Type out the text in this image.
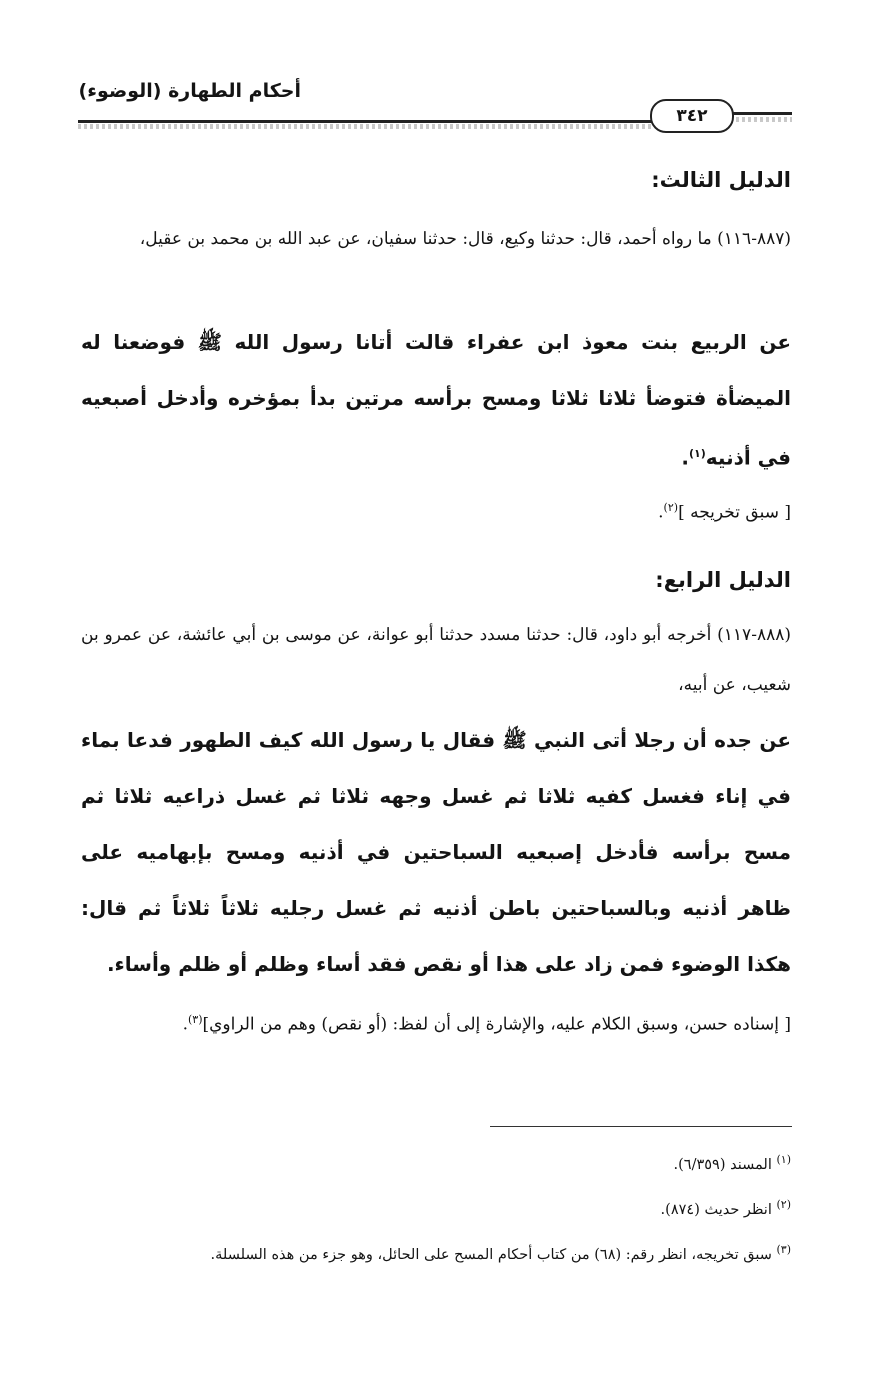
أحكام الطهارة (الوضوء)
٣٤٢
الدليل الثالث:
(٨٨٧-١١٦) ما رواه أحمد، قال: حدثنا وكيع، قال: حدثنا سفيان، عن عبد الله بن محمد بن عقيل،
عن الربيع بنت معوذ ابن عفراء قالت أتانا رسول الله ﷺ فوضعنا له الميضأة فتوضأ ثلاثا ثلاثا ومسح برأسه مرتين بدأ بمؤخره وأدخل أصبعيه في أذنيه$^{(١)}$.
[ سبق تخريجه ]$^{(٢)}$.
الدليل الرابع:
(٨٨٨-١١٧) أخرجه أبو داود، قال: حدثنا مسدد حدثنا أبو عوانة، عن موسى بن أبي عائشة، عن عمرو بن شعيب، عن أبيه،
عن جده أن رجلا أتى النبي ﷺ فقال يا رسول الله كيف الطهور فدعا بماء في إناء فغسل كفيه ثلاثا ثم غسل وجهه ثلاثا ثم غسل ذراعيه ثلاثا ثم مسح برأسه فأدخل إصبعيه السباحتين في أذنيه ومسح بإبهاميه على ظاهر أذنيه وبالسباحتين باطن أذنيه ثم غسل رجليه ثلاثاً ثلاثاً ثم قال: هكذا الوضوء فمن زاد على هذا أو نقص فقد أساء وظلم أو ظلم وأساء.
[ إسناده حسن، وسبق الكلام عليه، والإشارة إلى أن لفظ: (أو نقص) وهم من الراوي]$^{(٣)}$.
$^{(١)}$ المسند (٦/٣٥٩).
$^{(٢)}$ انظر حديث (٨٧٤).
$^{(٣)}$ سبق تخريجه، انظر رقم: (٦٨) من كتاب أحكام المسح على الحائل، وهو جزء من هذه السلسلة.
